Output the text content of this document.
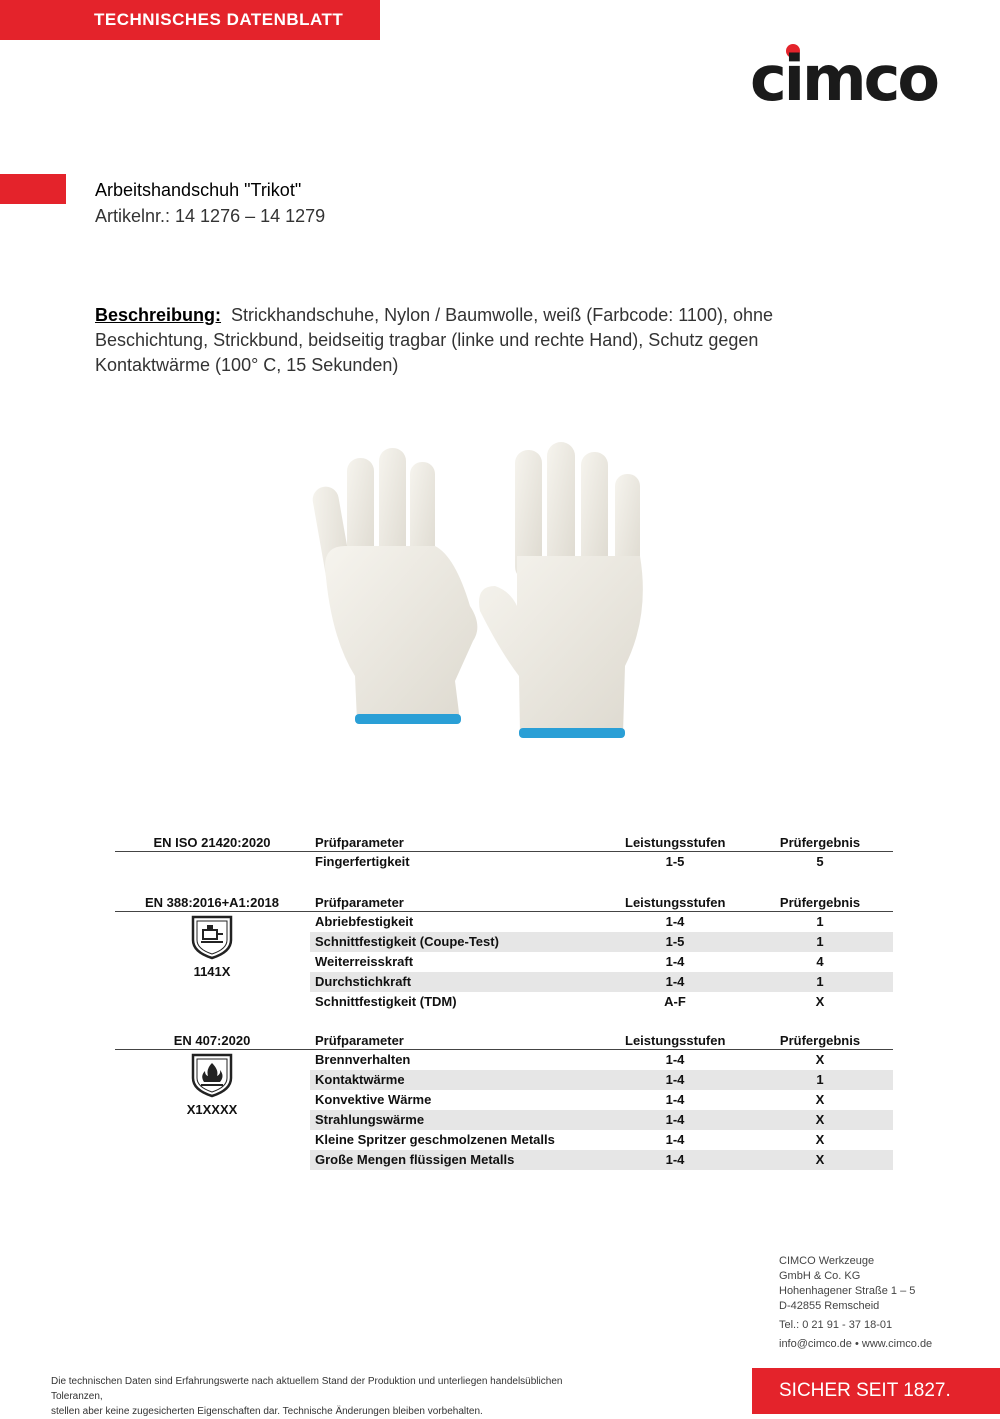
TECHNISCHES DATENBLATT
cimco
Arbeitshandschuh "Trikot"
Artikelnr.: 14 1276 – 14 1279
Beschreibung: Strickhandschuhe, Nylon / Baumwolle, weiß (Farbcode: 1100), ohne Beschichtung, Strickbund, beidseitig tragbar (linke und rechte Hand), Schutz gegen Kontaktwärme (100° C, 15 Sekunden)
EN ISO 21420:2020	Prüfparameter	Leistungsstufen	Prüfergebnis
Fingerfertigkeit	1-5	5
EN 388:2016+A1:2018	Prüfparameter	Leistungsstufen	Prüfergebnis
1141X
Abriebfestigkeit	1-4	1
Schnittfestigkeit (Coupe-Test)	1-5	1
Weiterreisskraft	1-4	4
Durchstichkraft	1-4	1
Schnittfestigkeit (TDM)	A-F	X
EN 407:2020	Prüfparameter	Leistungsstufen	Prüfergebnis
X1XXXX
Brennverhalten	1-4	X
Kontaktwärme	1-4	1
Konvektive Wärme	1-4	X
Strahlungswärme	1-4	X
Kleine Spritzer geschmolzenen Metalls	1-4	X
Große Mengen flüssigen Metalls	1-4	X
CIMCO Werkzeuge
GmbH & Co. KG
Hohenhagener Straße 1 – 5
D-42855 Remscheid
Tel.: 0 21 91 - 37 18-01
info@cimco.de • www.cimco.de
Die technischen Daten sind Erfahrungswerte nach aktuellem Stand der Produktion und unterliegen handelsüblichen Toleranzen,
stellen aber keine zugesicherten Eigenschaften dar. Technische Änderungen bleiben vorbehalten.
SICHER SEIT 1827.
